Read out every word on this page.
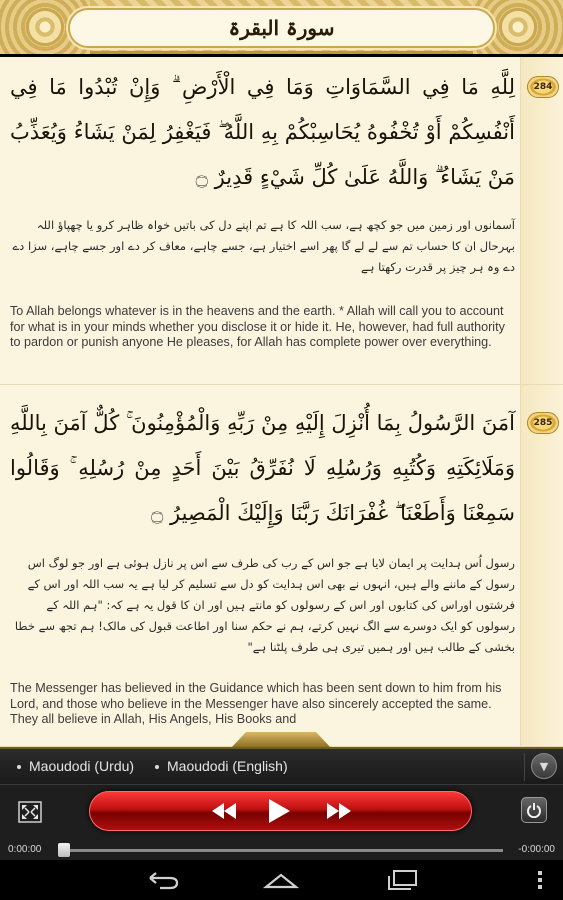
سورۃ البقرۃ
لِلَّهِ مَا فِي السَّمَاوَاتِ وَمَا فِي الْأَرْضِ ۗ وَإِنْ تُبْدُوا مَا فِي أَنْفُسِكُمْ أَوْ تُخْفُوهُ يُحَاسِبْكُمْ بِهِ اللَّهُ ۖ فَيَغْفِرُ لِمَنْ يَشَاءُ وَيُعَذِّبُ مَنْ يَشَاءُ ۗ وَاللَّهُ عَلَىٰ كُلِّ شَيْءٍ قَدِيرٌ ۝
آسمانوں اور زمین میں جو کچھ ہے، سب اللہ کا ہے تم اپنے دل کی باتیں خواہ ظاہر کرو یا چھپاؤ اللہ بہرحال ان کا حساب تم سے لے لے گا پھر اسے اختیار ہے، جسے چاہے، معاف کر دے اور جسے چاہے، سزا دے دے وہ ہر چیز پر قدرت رکھتا ہے
To Allah belongs whatever is in the heavens and the earth. * Allah will call you to account for what is in your minds whether you disclose it or hide it. He, however, had full authority to pardon or punish anyone He pleases, for Allah has complete power over everything.
284
آمَنَ الرَّسُولُ بِمَا أُنْزِلَ إِلَيْهِ مِنْ رَبِّهِ وَالْمُؤْمِنُونَ ۚ كُلٌّ آمَنَ بِاللَّهِ وَمَلَائِكَتِهِ وَكُتُبِهِ وَرُسُلِهِ لَا نُفَرِّقُ بَيْنَ أَحَدٍ مِنْ رُسُلِهِ ۚ وَقَالُوا سَمِعْنَا وَأَطَعْنَا ۖ غُفْرَانَكَ رَبَّنَا وَإِلَيْكَ الْمَصِيرُ ۝
رسول اُس ہدایت پر ایمان لایا ہے جو اس کے رب کی طرف سے اس پر نازل ہوئی ہے اور جو لوگ اس رسول کے ماننے والے ہیں، انہوں نے بھی اس ہدایت کو دل سے تسلیم کر لیا ہے یہ سب اللہ اور اس کے فرشتوں اوراس کی کتابوں اور اس کے رسولوں کو مانتے ہیں اور ان کا قول یہ ہے کہ: "ہم اللہ کے رسولوں کو ایک دوسرے سے الگ نہیں کرتے، ہم نے حکم سنا اور اطاعت قبول کی مالک! ہم تجھ سے خطا بخشی کے طالب ہیں اور ہمیں تیری ہی طرف پلٹنا ہے"
The Messenger has believed in the Guidance which has been sent down to him from his Lord, and those who believe in the Messenger have also sincerely accepted the same. They all believe in Allah, His Angels, His Books and
285
Maoudodi (Urdu)	Maoudodi (English)	▼
0:00:00	-0:00:00
